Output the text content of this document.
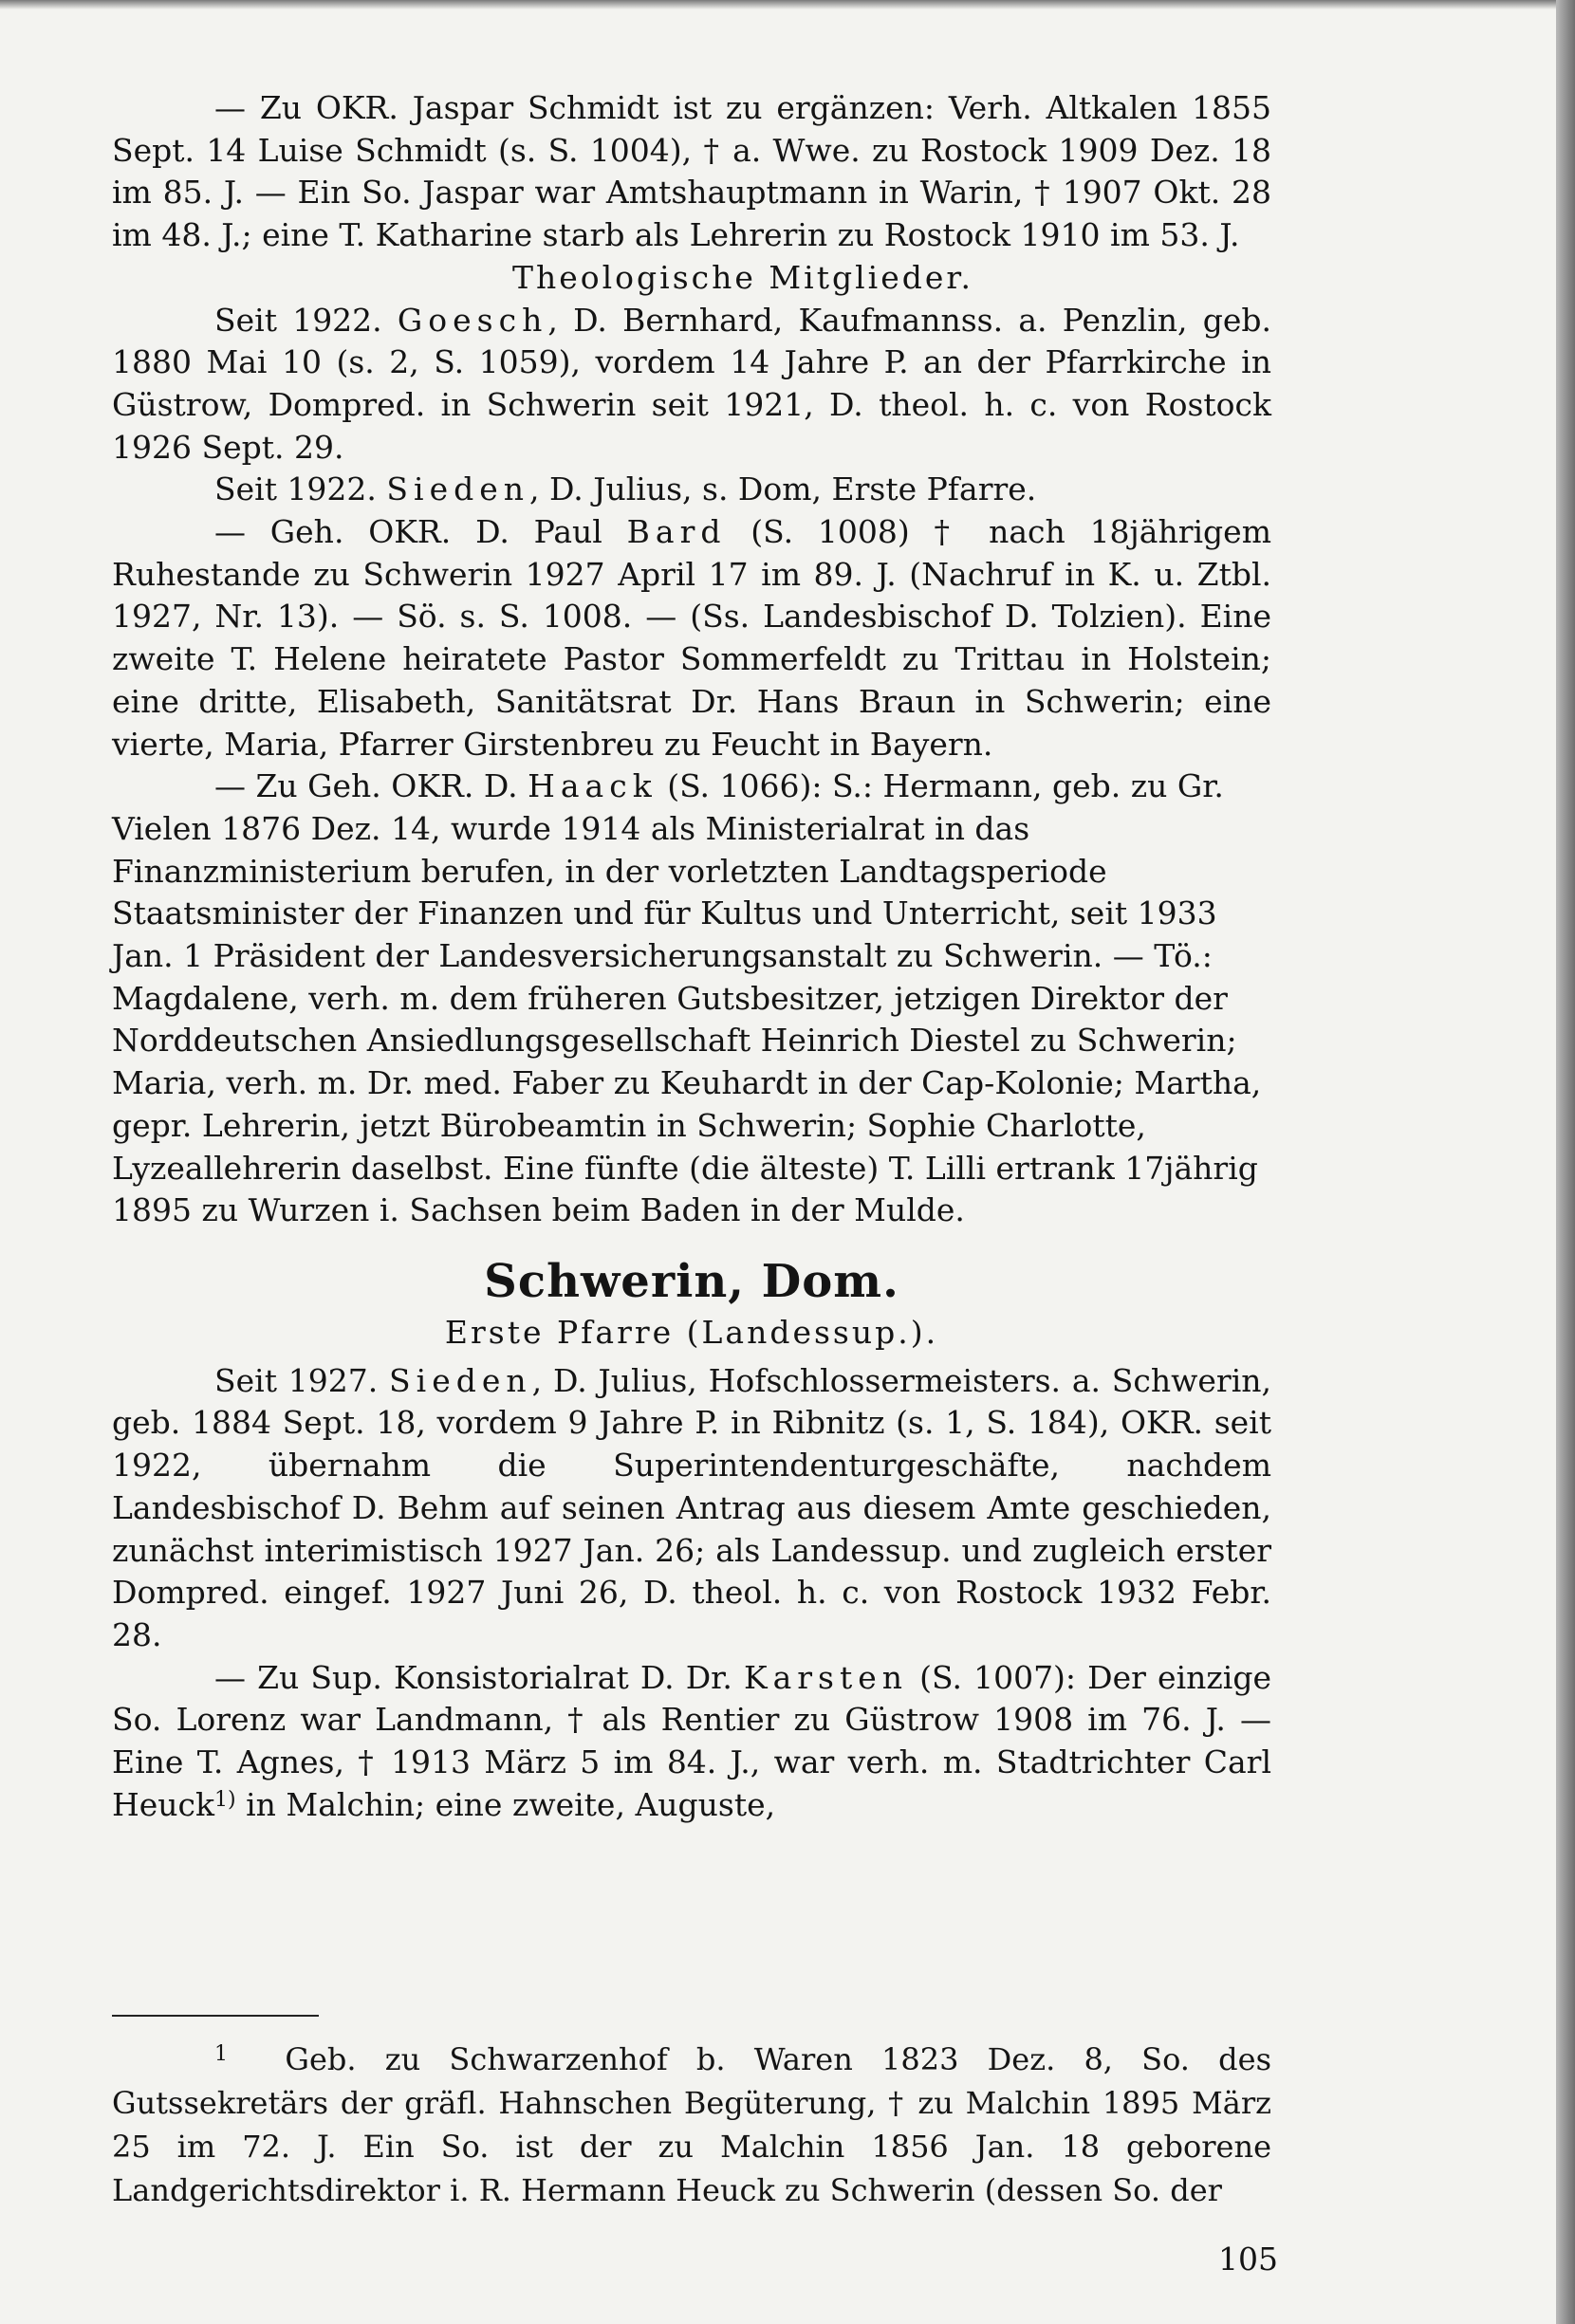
— Zu OKR. Jaspar Schmidt ist zu ergänzen: Verh. Altkalen 1855 Sept. 14 Luise Schmidt (s. S. 1004), † a. Wwe. zu Rostock 1909 Dez. 18 im 85. J. — Ein So. Jaspar war Amtshauptmann in Warin, † 1907 Okt. 28 im 48. J.; eine T. Katharine starb als Lehrerin zu Rostock 1910 im 53. J.

Theologische Mitglieder.

Seit 1922. Goesch, D. Bernhard, Kaufmannss. a. Penzlin, geb. 1880 Mai 10 (s. 2, S. 1059), vordem 14 Jahre P. an der Pfarrkirche in Güstrow, Dompred. in Schwerin seit 1921, D. theol. h. c. von Rostock 1926 Sept. 29.

Seit 1922. Sieden, D. Julius, s. Dom, Erste Pfarre.

— Geh. OKR. D. Paul Bard (S. 1008) † nach 18jährigem Ruhestande zu Schwerin 1927 April 17 im 89. J. (Nachruf in K. u. Ztbl. 1927, Nr. 13). — Sö. s. S. 1008. — (Ss. Landesbischof D. Tolzien). Eine zweite T. Helene heiratete Pastor Sommerfeldt zu Trittau in Holstein; eine dritte, Elisabeth, Sanitätsrat Dr. Hans Braun in Schwerin; eine vierte, Maria, Pfarrer Girstenbreu zu Feucht in Bayern.

— Zu Geh. OKR. D. Haack (S. 1066): S.: Hermann, geb. zu Gr. Vielen 1876 Dez. 14, wurde 1914 als Ministerialrat in das Finanzministerium berufen, in der vorletzten Landtagsperiode Staatsminister der Finanzen und für Kultus und Unterricht, seit 1933 Jan. 1 Präsident der Landesversicherungsanstalt zu Schwerin. — Tö.: Magdalene, verh. m. dem früheren Gutsbesitzer, jetzigen Direktor der Norddeutschen Ansiedlungsgesellschaft Heinrich Diestel zu Schwerin; Maria, verh. m. Dr. med. Faber zu Keuhardt in der Cap-Kolonie; Martha, gepr. Lehrerin, jetzt Bürobeamtin in Schwerin; Sophie Charlotte, Lyzeallehrerin daselbst. Eine fünfte (die älteste) T. Lilli ertrank 17jährig 1895 zu Wurzen i. Sachsen beim Baden in der Mulde.

Schwerin, Dom.
Erste Pfarre (Landessup.).

Seit 1927. Sieden, D. Julius, Hofschlossermeisters. a. Schwerin, geb. 1884 Sept. 18, vordem 9 Jahre P. in Ribnitz (s. 1, S. 184), OKR. seit 1922, übernahm die Superintendenturgeschäfte, nachdem Landesbischof D. Behm auf seinen Antrag aus diesem Amte geschieden, zunächst interimistisch 1927 Jan. 26; als Landessup. und zugleich erster Dompred. eingef. 1927 Juni 26, D. theol. h. c. von Rostock 1932 Febr. 28.

— Zu Sup. Konsistorialrat D. Dr. Karsten (S. 1007): Der einzige So. Lorenz war Landmann, † als Rentier zu Güstrow 1908 im 76. J. — Eine T. Agnes, † 1913 März 5 im 84. J., war verh. m. Stadtrichter Carl Heuck$^{1)}$ in Malchin; eine zweite, Auguste,

$^1$ Geb. zu Schwarzenhof b. Waren 1823 Dez. 8, So. des Gutssekretärs der gräfl. Hahnschen Begüterung, † zu Malchin 1895 März 25 im 72. J. Ein So. ist der zu Malchin 1856 Jan. 18 geborene Landgerichtsdirektor i. R. Hermann Heuck zu Schwerin (dessen So. der

105
